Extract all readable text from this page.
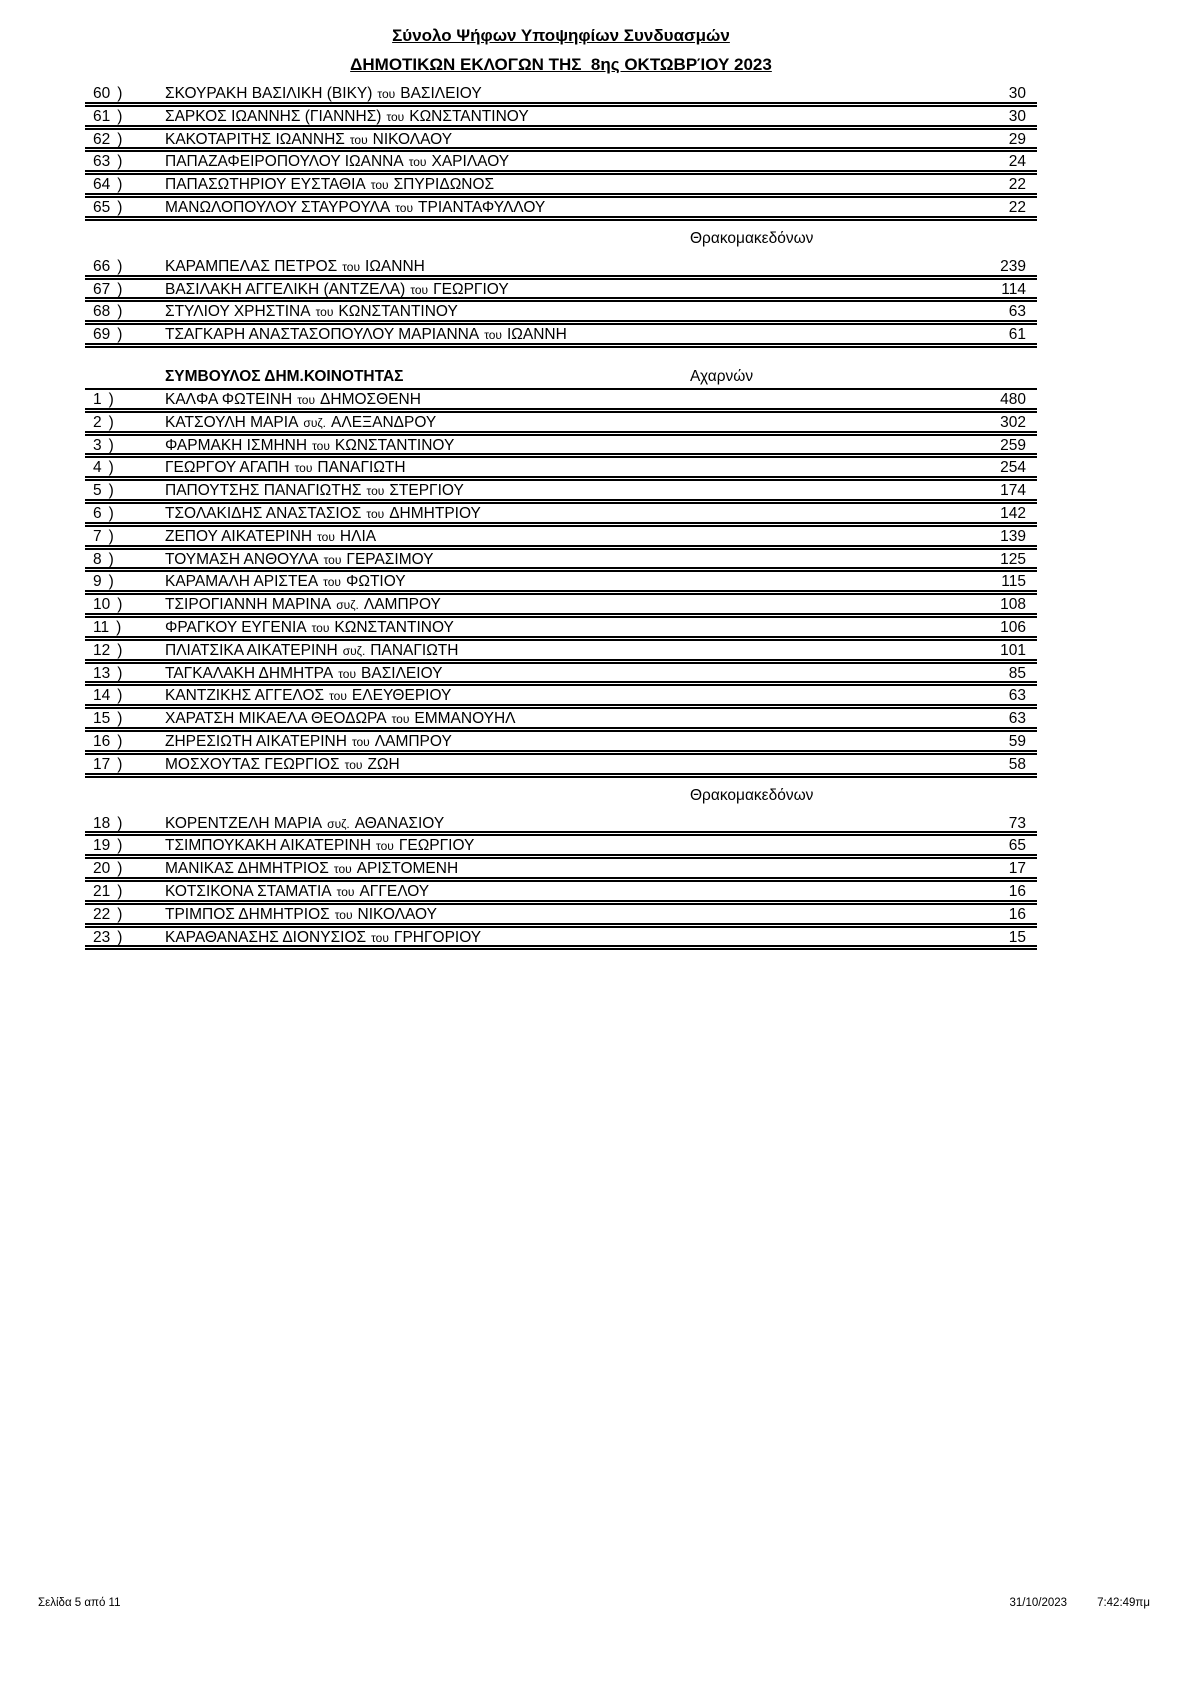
Σύνολο Ψήφων Υποψηφίων Συνδυασμών
ΔΗΜΟΤΙΚΩΝ ΕΚΛΟΓΩΝ ΤΗΣ  8ης ΟΚΤΩΒΡΊΟΥ 2023
60 )	ΣΚΟΥΡΑΚΗ ΒΑΣΙΛΙΚΗ (ΒΙΚΥ) του ΒΑΣΙΛΕΙΟΥ	30
61 )	ΣΑΡΚΟΣ ΙΩΑΝΝΗΣ (ΓΙΑΝΝΗΣ) του ΚΩΝΣΤΑΝΤΙΝΟΥ	30
62 )	ΚΑΚΟΤΑΡΙΤΗΣ ΙΩΑΝΝΗΣ του ΝΙΚΟΛΑΟΥ	29
63 )	ΠΑΠΑΖΑΦΕΙΡΟΠΟΥΛΟΥ ΙΩΑΝΝΑ του ΧΑΡΙΛΑΟΥ	24
64 )	ΠΑΠΑΣΩΤΗΡΙΟΥ ΕΥΣΤΑΘΙΑ του ΣΠΥΡΙΔΩΝΟΣ	22
65 )	ΜΑΝΩΛΟΠΟΥΛΟΥ ΣΤΑΥΡΟΥΛΑ του ΤΡΙΑΝΤΑΦΥΛΛΟΥ	22
Θρακομακεδόνων
66 )	ΚΑΡΑΜΠΕΛΑΣ ΠΕΤΡΟΣ του ΙΩΑΝΝΗ	239
67 )	ΒΑΣΙΛΑΚΗ ΑΓΓΕΛΙΚΗ (ΑΝΤΖΕΛΑ) του ΓΕΩΡΓΙΟΥ	114
68 )	ΣΤΥΛΙΟΥ ΧΡΗΣΤΙΝΑ του ΚΩΝΣΤΑΝΤΙΝΟΥ	63
69 )	ΤΣΑΓΚΑΡΗ ΑΝΑΣΤΑΣΟΠΟΥΛΟΥ ΜΑΡΙΑΝΝΑ του ΙΩΑΝΝΗ	61
ΣΥΜΒΟΥΛΟΣ ΔΗΜ.ΚΟΙΝΟΤΗΤΑΣ	Αχαρνών
1 )	ΚΑΛΦΑ ΦΩΤΕΙΝΗ του ΔΗΜΟΣΘΕΝΗ	480
2 )	ΚΑΤΣΟΥΛΗ ΜΑΡΙΑ συζ. ΑΛΕΞΑΝΔΡΟΥ	302
3 )	ΦΑΡΜΑΚΗ ΙΣΜΗΝΗ του ΚΩΝΣΤΑΝΤΙΝΟΥ	259
4 )	ΓΕΩΡΓΟΥ ΑΓΑΠΗ του ΠΑΝΑΓΙΩΤΗ	254
5 )	ΠΑΠΟΥΤΣΗΣ ΠΑΝΑΓΙΩΤΗΣ του ΣΤΕΡΓΙΟΥ	174
6 )	ΤΣΟΛΑΚΙΔΗΣ ΑΝΑΣΤΑΣΙΟΣ του ΔΗΜΗΤΡΙΟΥ	142
7 )	ΖΕΠΟΥ ΑΙΚΑΤΕΡΙΝΗ του ΗΛΙΑ	139
8 )	ΤΟΥΜΑΣΗ ΑΝΘΟΥΛΑ του ΓΕΡΑΣΙΜΟΥ	125
9 )	ΚΑΡΑΜΑΛΗ ΑΡΙΣΤΕΑ του ΦΩΤΙΟΥ	115
10 )	ΤΣΙΡΟΓΙΑΝΝΗ ΜΑΡΙΝΑ συζ. ΛΑΜΠΡΟΥ	108
11 )	ΦΡΑΓΚΟΥ ΕΥΓΕΝΙΑ του ΚΩΝΣΤΑΝΤΙΝΟΥ	106
12 )	ΠΛΙΑΤΣΙΚΑ ΑΙΚΑΤΕΡΙΝΗ συζ. ΠΑΝΑΓΙΩΤΗ	101
13 )	ΤΑΓΚΑΛΑΚΗ ΔΗΜΗΤΡΑ του ΒΑΣΙΛΕΙΟΥ	85
14 )	ΚΑΝΤΖΙΚΗΣ ΑΓΓΕΛΟΣ του ΕΛΕΥΘΕΡΙΟΥ	63
15 )	ΧΑΡΑΤΣΗ ΜΙΚΑΕΛΑ ΘΕΟΔΩΡΑ του ΕΜΜΑΝΟΥΗΛ	63
16 )	ΖΗΡΕΣΙΩΤΗ ΑΙΚΑΤΕΡΙΝΗ του ΛΑΜΠΡΟΥ	59
17 )	ΜΟΣΧΟΥΤΑΣ ΓΕΩΡΓΙΟΣ του ΖΩΗ	58
Θρακομακεδόνων
18 )	ΚΟΡΕΝΤΖΕΛΗ ΜΑΡΙΑ συζ. ΑΘΑΝΑΣΙΟΥ	73
19 )	ΤΣΙΜΠΟΥΚΑΚΗ ΑΙΚΑΤΕΡΙΝΗ του ΓΕΩΡΓΙΟΥ	65
20 )	ΜΑΝΙΚΑΣ ΔΗΜΗΤΡΙΟΣ του ΑΡΙΣΤΟΜΕΝΗ	17
21 )	ΚΟΤΣΙΚΟΝΑ ΣΤΑΜΑΤΙΑ του ΑΓΓΕΛΟΥ	16
22 )	ΤΡΙΜΠΟΣ ΔΗΜΗΤΡΙΟΣ του ΝΙΚΟΛΑΟΥ	16
23 )	ΚΑΡΑΘΑΝΑΣΗΣ ΔΙΟΝΥΣΙΟΣ του ΓΡΗΓΟΡΙΟΥ	15
Σελίδα 5 από 11	31/10/2023	7:42:49πμ
